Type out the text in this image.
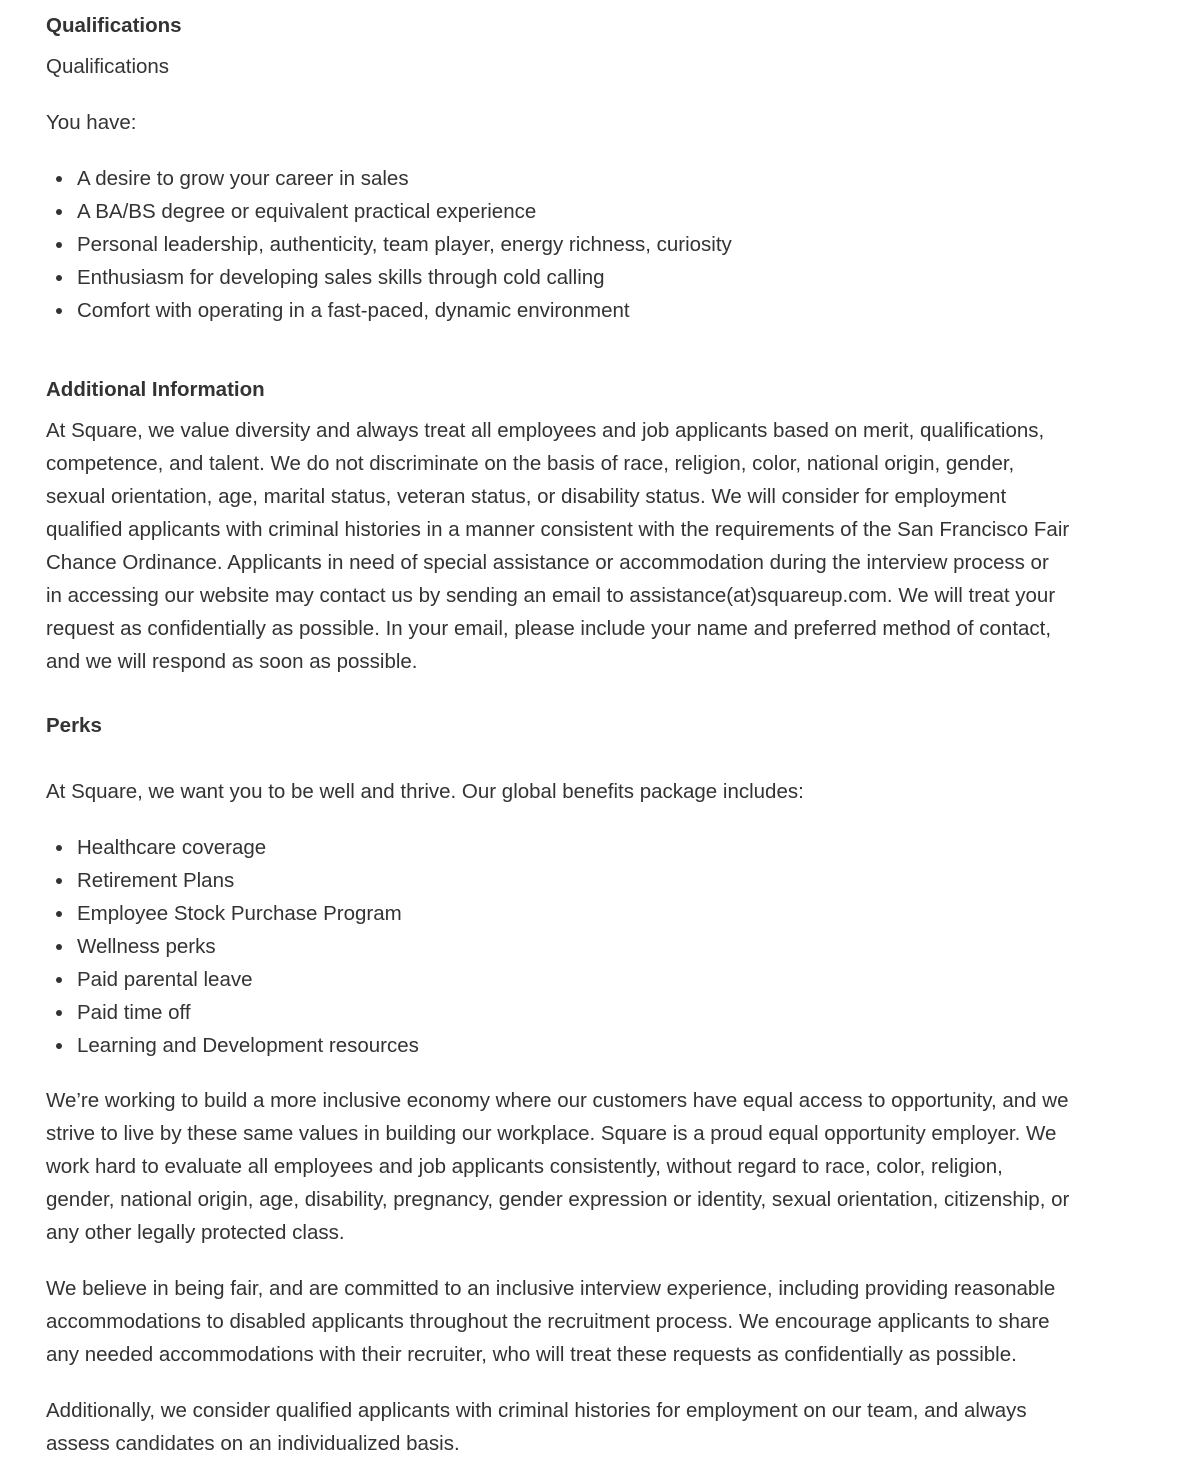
Qualifications

Qualifications

You have:

A desire to grow your career in sales
A BA/BS degree or equivalent practical experience
Personal leadership, authenticity, team player, energy richness, curiosity
Enthusiasm for developing sales skills through cold calling
Comfort with operating in a fast-paced, dynamic environment
Additional Information
At Square, we value diversity and always treat all employees and job applicants based on merit, qualifications,
competence, and talent. We do not discriminate on the basis of race, religion, color, national origin, gender,
sexual orientation, age, marital status, veteran status, or disability status. We will consider for employment
qualified applicants with criminal histories in a manner consistent with the requirements of the San Francisco Fair
Chance Ordinance. Applicants in need of special assistance or accommodation during the interview process or
in accessing our website may contact us by sending an email to assistance(at)squareup.com. We will treat your
request as confidentially as possible. In your email, please include your name and preferred method of contact,
and we will respond as soon as possible.
Perks

At Square, we want you to be well and thrive. Our global benefits package includes:

Healthcare coverage
Retirement Plans
Employee Stock Purchase Program
Wellness perks
Paid parental leave
Paid time off
Learning and Development resources
We’re working to build a more inclusive economy where our customers have equal access to opportunity, and we
strive to live by these same values in building our workplace. Square is a proud equal opportunity employer. We
work hard to evaluate all employees and job applicants consistently, without regard to race, color, religion,
gender, national origin, age, disability, pregnancy, gender expression or identity, sexual orientation, citizenship, or
any other legally protected class.
We believe in being fair, and are committed to an inclusive interview experience, including providing reasonable
accommodations to disabled applicants throughout the recruitment process. We encourage applicants to share
any needed accommodations with their recruiter, who will treat these requests as confidentially as possible.
Additionally, we consider qualified applicants with criminal histories for employment on our team, and always
assess candidates on an individualized basis.
